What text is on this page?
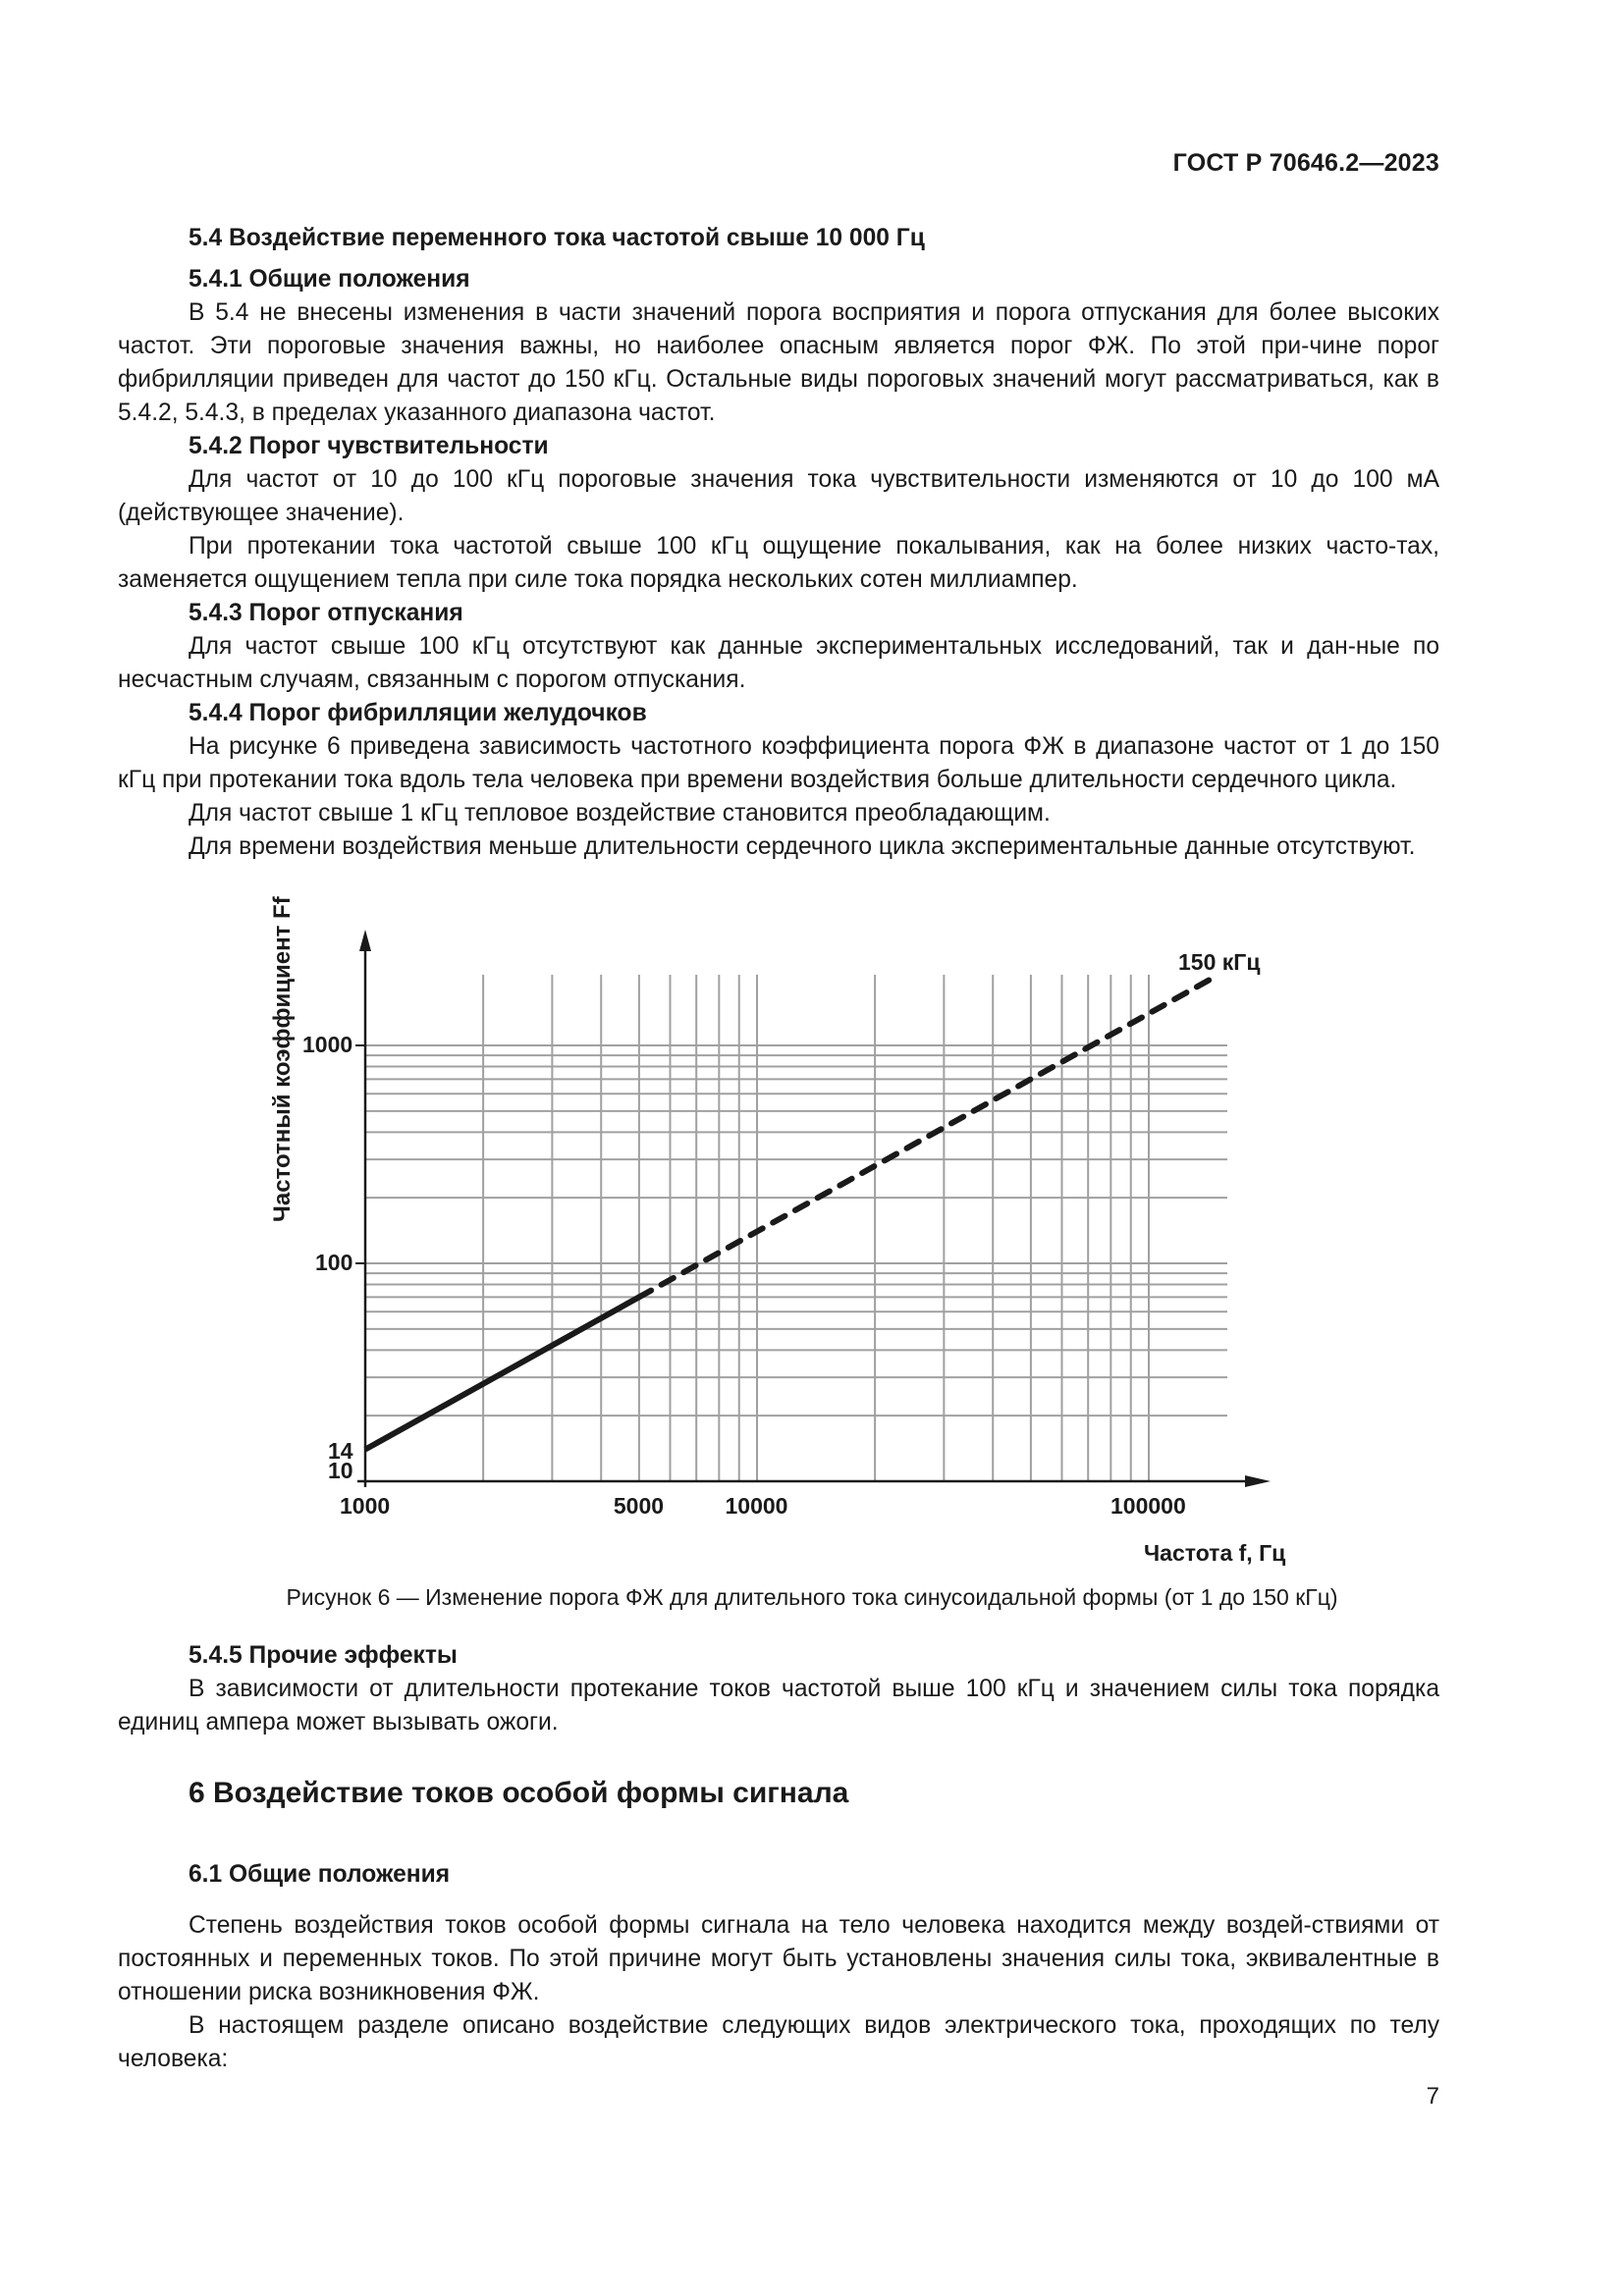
ГОСТ Р 70646.2—2023

5.4 Воздействие переменного тока частотой свыше 10 000 Гц

5.4.1 Общие положения

В 5.4 не внесены изменения в части значений порога восприятия и порога отпускания для более высоких частот. Эти пороговые значения важны, но наиболее опасным является порог ФЖ. По этой при-чине порог фибрилляции приведен для частот до 150 кГц. Остальные виды пороговых значений могут рассматриваться, как в 5.4.2, 5.4.3, в пределах указанного диапазона частот.

5.4.2 Порог чувствительности

Для частот от 10 до 100 кГц пороговые значения тока чувствительности изменяются от 10 до 100 мА (действующее значение).

При протекании тока частотой свыше 100 кГц ощущение покалывания, как на более низких часто-тах, заменяется ощущением тепла при силе тока порядка нескольких сотен миллиампер.

5.4.3 Порог отпускания

Для частот свыше 100 кГц отсутствуют как данные экспериментальных исследований, так и дан-ные по несчастным случаям, связанным с порогом отпускания.

5.4.4 Порог фибрилляции желудочков

На рисунке 6 приведена зависимость частотного коэффициента порога ФЖ в диапазоне частот от 1 до 150 кГц при протекании тока вдоль тела человека при времени воздействия больше длительности сердечного цикла.

Для частот свыше 1 кГц тепловое воздействие становится преобладающим.

Для времени воздействия меньше длительности сердечного цикла экспериментальные данные отсутствуют.

10
14
100
1000
1000	5000	10000	100000
Частота f, Гц
Частотный коэффициент Ff	150 кГц
Рисунок 6 — Изменение порога ФЖ для длительного тока синусоидальной формы (от 1 до 150 кГц)

5.4.5 Прочие эффекты

В зависимости от длительности протекание токов частотой выше 100 кГц и значением силы тока порядка единиц ампера может вызывать ожоги.

6 Воздействие токов особой формы сигнала

6.1 Общие положения

Степень воздействия токов особой формы сигнала на тело человека находится между воздей-ствиями от постоянных и переменных токов. По этой причине могут быть установлены значения силы тока, эквивалентные в отношении риска возникновения ФЖ.

В настоящем разделе описано воздействие следующих видов электрического тока, проходящих по телу человека:

7
